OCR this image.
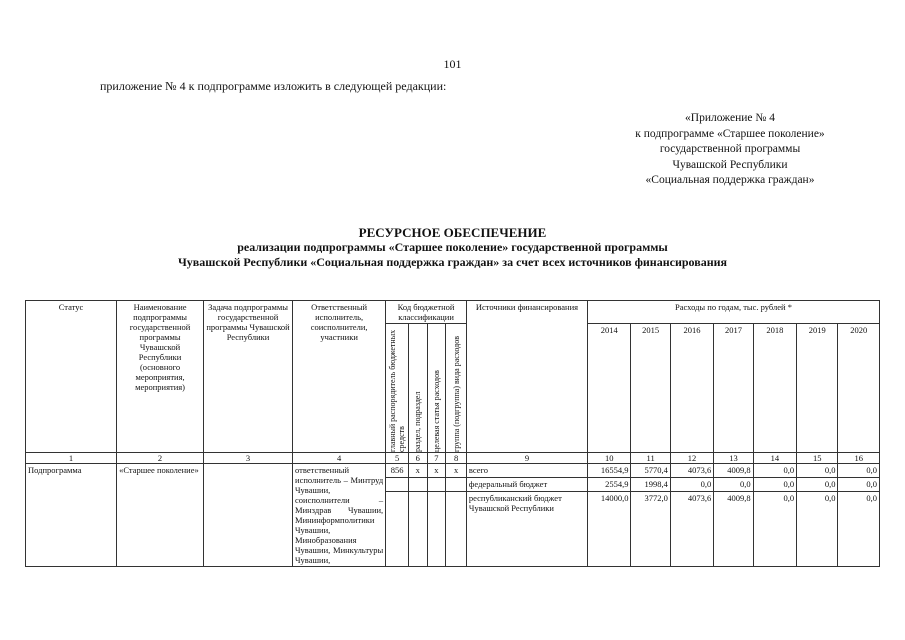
101
приложение № 4 к подпрограмме изложить в следующей редакции:
«Приложение № 4
к подпрограмме «Старшее поколение»
государственной программы
Чувашской Республики
«Социальная поддержка граждан»
РЕСУРСНОЕ ОБЕСПЕЧЕНИЕ
реализации подпрограммы «Старшее поколение» государственной программы
Чувашской Республики «Социальная поддержка граждан» за счет всех источников финансирования
Статус	Наименование подпрограммы государственной программы Чувашской Республики (основного мероприятия, мероприятия)	Задача подпрограммы государственной программы Чувашской Республики	Ответственный исполнитель, соисполнители, участники	Код бюджетной классификации				Источники финансирования	Расходы по годам, тыс. рублей *						

				главный распорядитель бюджетных средств	раздел, подраздел	целевая статья расходов	группа (подгруппа) вида расходов		2014	2015	2016	2017	2018	2019	2020
1	2	3	4	5	6	7	8	9	10	11	12	13	14	15	16
Подпрограмма	«Старшее поколение»		ответственный исполнитель – Минтруд Чувашии, соисполнители – Минздрав Чувашии, Мининформполитики Чувашии, Минобразования Чувашии, Минкультуры Чувашии,	856	x	x	x	всего	16554,9	5770,4	4073,6	4009,8	0,0	0,0	0,0
								федеральный бюджет	2554,9	1998,4	0,0	0,0	0,0	0,0	0,0
								республиканский бюджет Чувашской Республики	14000,0	3772,0	4073,6	4009,8	0,0	0,0	0,0
